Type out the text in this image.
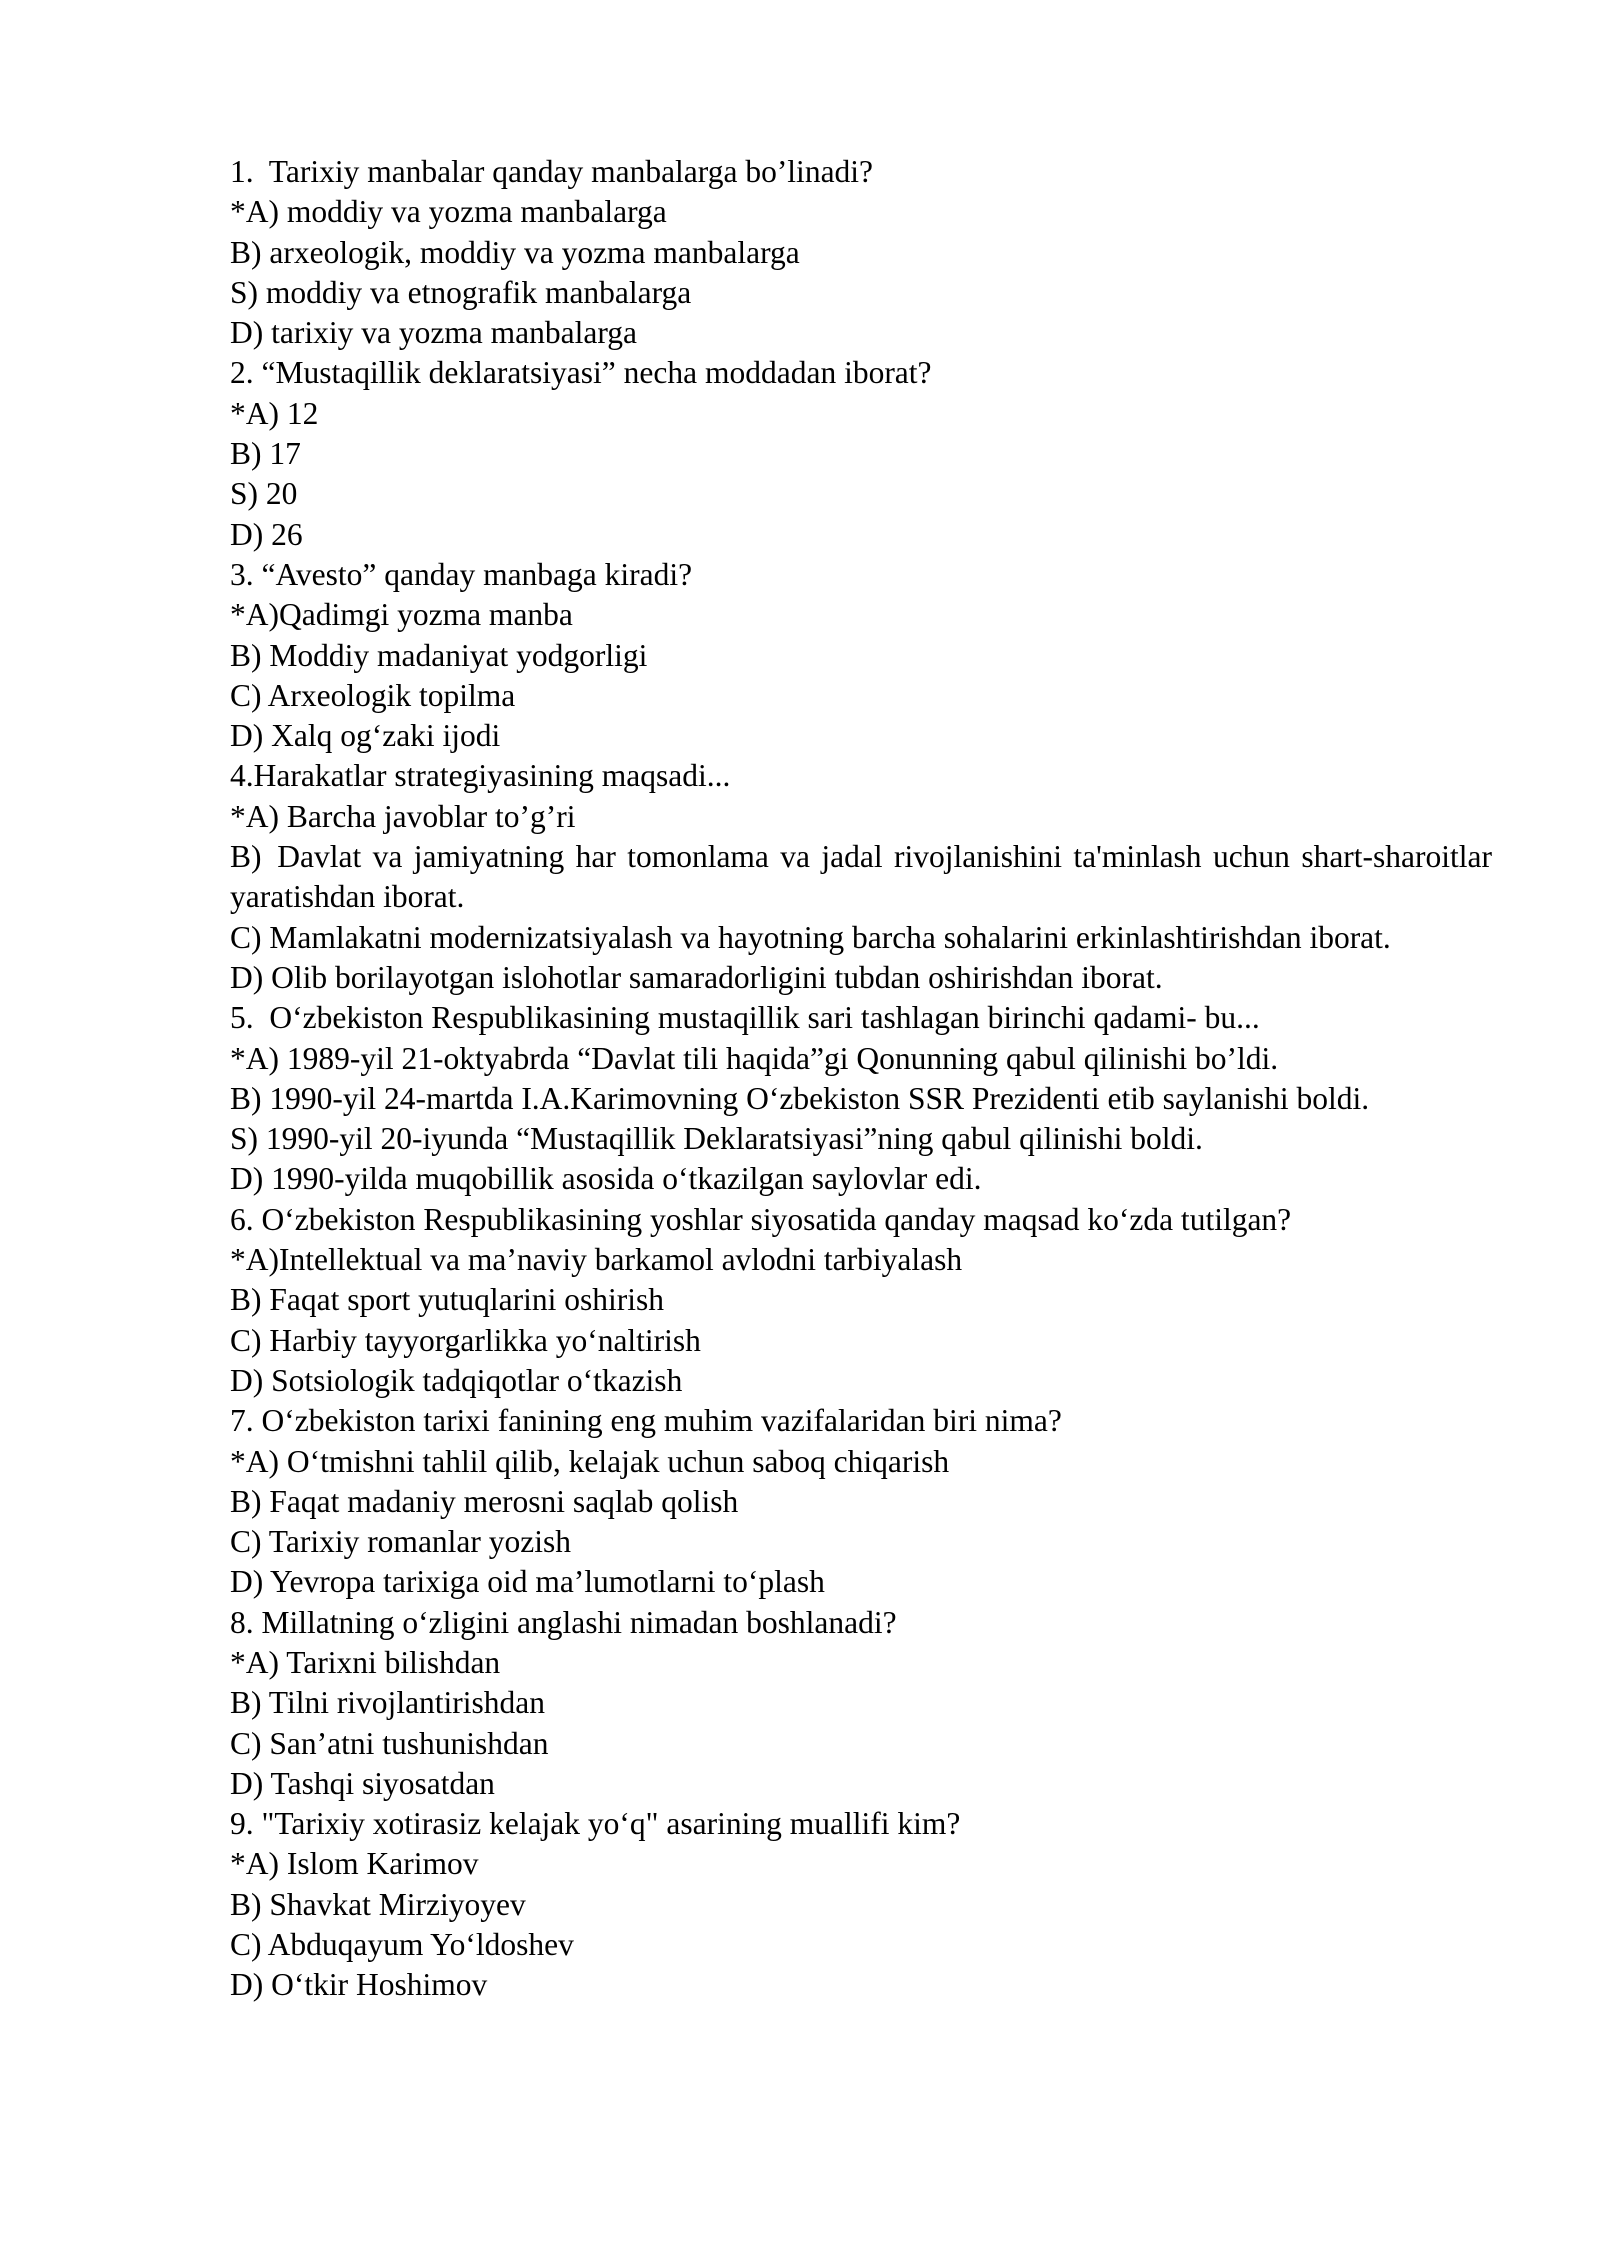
1.  Tarixiy manbalar qanday manbalarga bo’linadi?
*A) moddiy va yozma manbalarga
B) arxeologik, moddiy va yozma manbalarga
S) moddiy va etnografik manbalarga
D) tarixiy va yozma manbalarga
2. “Mustaqillik deklaratsiyasi” necha moddadan iborat?
*A) 12
B) 17
S) 20
D) 26
3. “Avesto” qanday manbaga kiradi?
*A)Qadimgi yozma manba
B) Moddiy madaniyat yodgorligi
C) Arxeologik topilma
D) Xalq og‘zaki ijodi
4.Harakatlar strategiyasining maqsadi...
*A) Barcha javoblar to’g’ri
B) Davlat va jamiyatning har tomonlama va jadal rivojlanishini ta'minlash uchun shart-sharoitlar yaratishdan iborat.
C) Mamlakatni modernizatsiyalash va hayotning barcha sohalarini erkinlashtirishdan iborat.
D) Olib borilayotgan islohotlar samaradorligini tubdan oshirishdan iborat.
5.  O‘zbekiston Respublikasining mustaqillik sari tashlagan birinchi qadami- bu...
*A) 1989-yil 21-oktyabrda “Davlat tili haqida”gi Qonunning qabul qilinishi bo’ldi.
B) 1990-yil 24-martda I.A.Karimovning O‘zbekiston SSR Prezidenti etib saylanishi boldi.
S) 1990-yil 20-iyunda “Mustaqillik Deklaratsiyasi”ning qabul qilinishi boldi.
D) 1990-yilda muqobillik asosida o‘tkazilgan saylovlar edi.
6. O‘zbekiston Respublikasining yoshlar siyosatida qanday maqsad ko‘zda tutilgan?
*A)Intellektual va ma’naviy barkamol avlodni tarbiyalash
B) Faqat sport yutuqlarini oshirish
C) Harbiy tayyorgarlikka yo‘naltirish
D) Sotsiologik tadqiqotlar o‘tkazish
7. O‘zbekiston tarixi fanining eng muhim vazifalaridan biri nima?
*A) O‘tmishni tahlil qilib, kelajak uchun saboq chiqarish
B) Faqat madaniy merosni saqlab qolish
C) Tarixiy romanlar yozish
D) Yevropa tarixiga oid ma’lumotlarni to‘plash
8. Millatning o‘zligini anglashi nimadan boshlanadi?
*A) Tarixni bilishdan
B) Tilni rivojlantirishdan
C) San’atni tushunishdan
D) Tashqi siyosatdan
9. "Tarixiy xotirasiz kelajak yo‘q" asarining muallifi kim?
*A) Islom Karimov
B) Shavkat Mirziyoyev
C) Abduqayum Yo‘ldoshev
D) O‘tkir Hoshimov
